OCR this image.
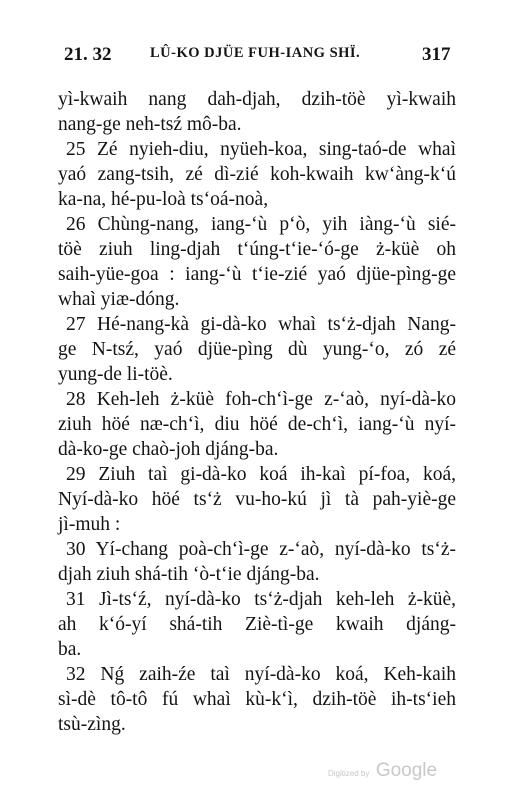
21. 32	LÛ-KO DJÜE FUH-IANG SHÏ.	317
yì-kwaih nang dah-djah, dzih-töè yì-kwaih
nang-ge neh-tsź mô-ba.
25 Zé nyieh-diu, nyüeh-koa, sing-taó-de whaì
yaó zang-tsih, zé dì-zié koh-kwaih kw‘àng-k‘ú
ka-na, hé-pu-loà ts‘oá-noà,
26 Chùng-nang, iang-‘ù p‘ò, yih iàng-‘ù sié-
töè ziuh ling-djah t‘úng-t‘ie-‘ó-ge ż-küè oh
saih-yüe-goa : iang-‘ù t‘ie-zié yaó djüe-pìng-ge
whaì yiæ-dóng.
27 Hé-nang-kà gi-dà-ko whaì ts‘ż-djah Nang-
ge N-tsź, yaó djüe-pìng dù yung-‘o, zó zé
yung-de li-töè.
28 Keh-leh ż-küè foh-ch‘ì-ge z-‘aò, nyí-dà-ko
ziuh höé næ-ch‘ì, diu höé de-ch‘ì, iang-‘ù nyí-
dà-ko-ge chaò-joh djáng-ba.
29 Ziuh taì gi-dà-ko koá ih-kaì pí-foa, koá,
Nyí-dà-ko höé ts‘ż vu-ho-kú jì tà pah-yiè-ge
jì-muh :
30 Yí-chang poà-ch‘ì-ge z-‘aò, nyí-dà-ko ts‘ż-
djah ziuh shá-tih ‘ò-t‘ie djáng-ba.
31 Jì-ts‘ź, nyí-dà-ko ts‘ż-djah keh-leh ż-küè,
ah k‘ó-yí shá-tih Ziè-tì-ge kwaih djáng-
ba.
32 Nǵ zaih-źe taì nyí-dà-ko koá, Keh-kaih
sì-dè tô-tô fú whaì kù-k‘ì, dzih-töè ih-ts‘ieh
tsù-zìng.
Digitized by Google
